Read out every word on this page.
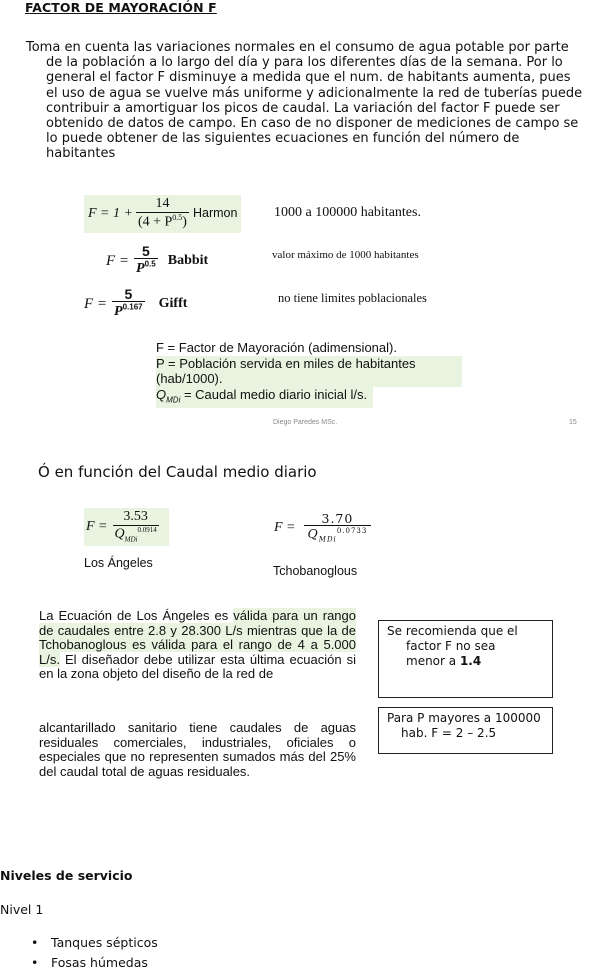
FACTOR DE MAYORACIÓN F

Toma en cuenta las variaciones normales en el consumo de agua potable por parte de la población a lo largo del día y para los diferentes días de la semana. Por lo general el factor F disminuye a medida que el num. de habitants aumenta, pues el uso de agua se vuelve más uniforme y adicionalmente la red de tuberías puede contribuir a amortiguar los picos de caudal. La variación del factor F puede ser obtenido de datos de campo. En caso de no disponer de mediciones de campo se lo puede obtener de las siguientes ecuaciones en función del número de habitantes

$F = 1 + \frac{14}{(4 + P^{0.5})}$ Harmon	1000 a 100000 habitantes.
$F = \frac{5}{P^{0.5}}$ Babbit	valor máximo de 1000 habitantes
$F = \frac{5}{P^{0.167}}$ Gifft	no tiene limites poblacionales
F = Factor de Mayoración (adimensional).
P = Población servida en miles de habitantes (hab/1000).
$Q_{MDi}$ = Caudal medio diario inicial l/s.
Diego Paredes MSc.	15
Ó en función del Caudal medio diario
$F = \frac{3.53}{Q_{MDi}^{0.0914}}$
Los Ángeles
$F = \frac{3.70}{Q_{MDi}^{0.0733}}$
Tchobanoglous
La Ecuación de Los Ángeles es válida para un rango de caudales entre 2.8 y 28.300 L/s mientras que la de Tchobanoglous es válida para el rango de 4 a 5.000 L/s. El diseñador debe utilizar esta última ecuación si en la zona objeto del diseño de la red de
alcantarillado sanitario tiene caudales de aguas residuales comerciales, industriales, oficiales o especiales que no representen sumados más del 25% del caudal total de aguas residuales.
Se recomienda que el

factor F no sea
menor a 1.4
Para P mayores a 100000

hab. F = 2 – 2.5
Niveles de servicio
Nivel 1
• Tanques sépticos
• Fosas húmedas
